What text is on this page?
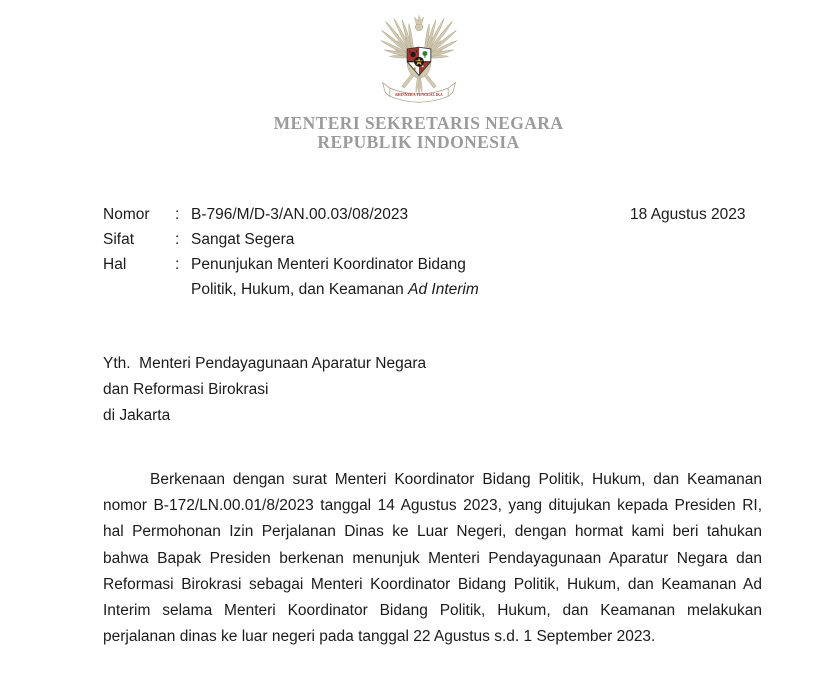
BHINNEKA TUNGGAL IKA
MENTERI SEKRETARIS NEGARA
REPUBLIK INDONESIA
18 Agustus 2023
Nomor	: B-796/M/D-3/AN.00.03/08/2023
Sifat	: Sangat Segera
Hal	: Penunjukan Menteri Koordinator Bidang
Politik, Hukum, dan Keamanan Ad Interim
Yth.  Menteri Pendayagunaan Aparatur Negara
dan Reformasi Birokrasi
di Jakarta
Berkenaan dengan surat Menteri Koordinator Bidang Politik, Hukum, dan Keamanan nomor B-172/LN.00.01/8/2023 tanggal 14 Agustus 2023, yang ditujukan kepada Presiden RI, hal Permohonan Izin Perjalanan Dinas ke Luar Negeri, dengan hormat kami beri tahukan bahwa Bapak Presiden berkenan menunjuk Menteri Pendayagunaan Aparatur Negara dan Reformasi Birokrasi sebagai Menteri Koordinator Bidang Politik, Hukum, dan Keamanan Ad Interim selama Menteri Koordinator Bidang Politik, Hukum, dan Keamanan melakukan perjalanan dinas ke luar negeri pada tanggal 22 Agustus s.d. 1 September 2023.
